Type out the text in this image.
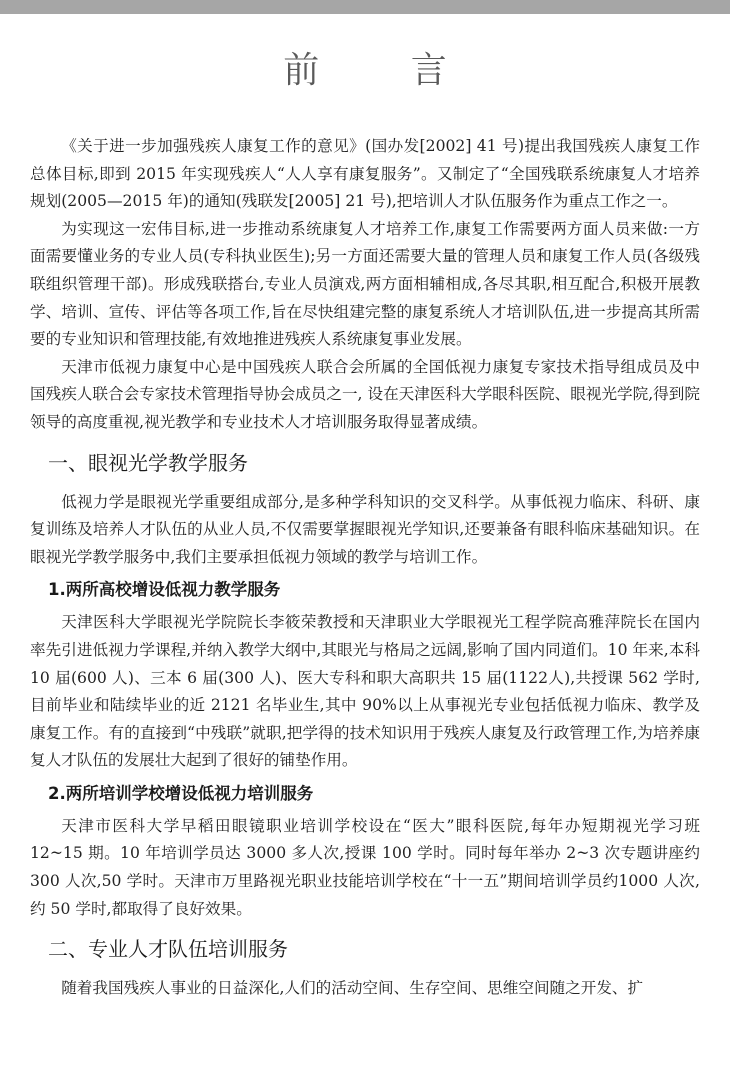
前 言

《关于进一步加强残疾人康复工作的意见》(国办发[2002] 41 号)提出我国残疾人康复工作总体目标,即到 2015 年实现残疾人“人人享有康复服务”。又制定了“全国残联系统康复人才培养规划(2005—2015 年)的通知(残联发[2005] 21 号),把培训人才队伍服务作为重点工作之一。

为实现这一宏伟目标,进一步推动系统康复人才培养工作,康复工作需要两方面人员来做:一方面需要懂业务的专业人员(专科执业医生);另一方面还需要大量的管理人员和康复工作人员(各级残联组织管理干部)。形成残联搭台,专业人员演戏,两方面相辅相成,各尽其职,相互配合,积极开展教学、培训、宣传、评估等各项工作,旨在尽快组建完整的康复系统人才培训队伍,进一步提高其所需要的专业知识和管理技能,有效地推进残疾人系统康复事业发展。

天津市低视力康复中心是中国残疾人联合会所属的全国低视力康复专家技术指导组成员及中国残疾人联合会专家技术管理指导协会成员之一, 设在天津医科大学眼科医院、眼视光学院,得到院领导的高度重视,视光教学和专业技术人才培训服务取得显著成绩。

一、眼视光学教学服务

低视力学是眼视光学重要组成部分,是多种学科知识的交叉科学。从事低视力临床、科研、康复训练及培养人才队伍的从业人员,不仅需要掌握眼视光学知识,还要兼备有眼科临床基础知识。在眼视光学教学服务中,我们主要承担低视力领域的教学与培训工作。

1.两所高校增设低视力教学服务

天津医科大学眼视光学院院长李筱荣教授和天津职业大学眼视光工程学院高雅萍院长在国内率先引进低视力学课程,并纳入教学大纲中,其眼光与格局之远阔,影响了国内同道们。10 年来,本科 10 届(600 人)、三本 6 届(300 人)、医大专科和职大高职共 15 届(1122人),共授课 562 学时,目前毕业和陆续毕业的近 2121 名毕业生,其中 90%以上从事视光专业包括低视力临床、教学及康复工作。有的直接到“中残联”就职,把学得的技术知识用于残疾人康复及行政管理工作,为培养康复人才队伍的发展壮大起到了很好的铺垫作用。

2.两所培训学校增设低视力培训服务

天津市医科大学早稻田眼镜职业培训学校设在“医大”眼科医院,每年办短期视光学习班 12~15 期。10 年培训学员达 3000 多人次,授课 100 学时。同时每年举办 2~3 次专题讲座约 300 人次,50 学时。天津市万里路视光职业技能培训学校在“十一五”期间培训学员约1000 人次,约 50 学时,都取得了良好效果。

二、专业人才队伍培训服务

随着我国残疾人事业的日益深化,人们的活动空间、生存空间、思维空间随之开发、扩
